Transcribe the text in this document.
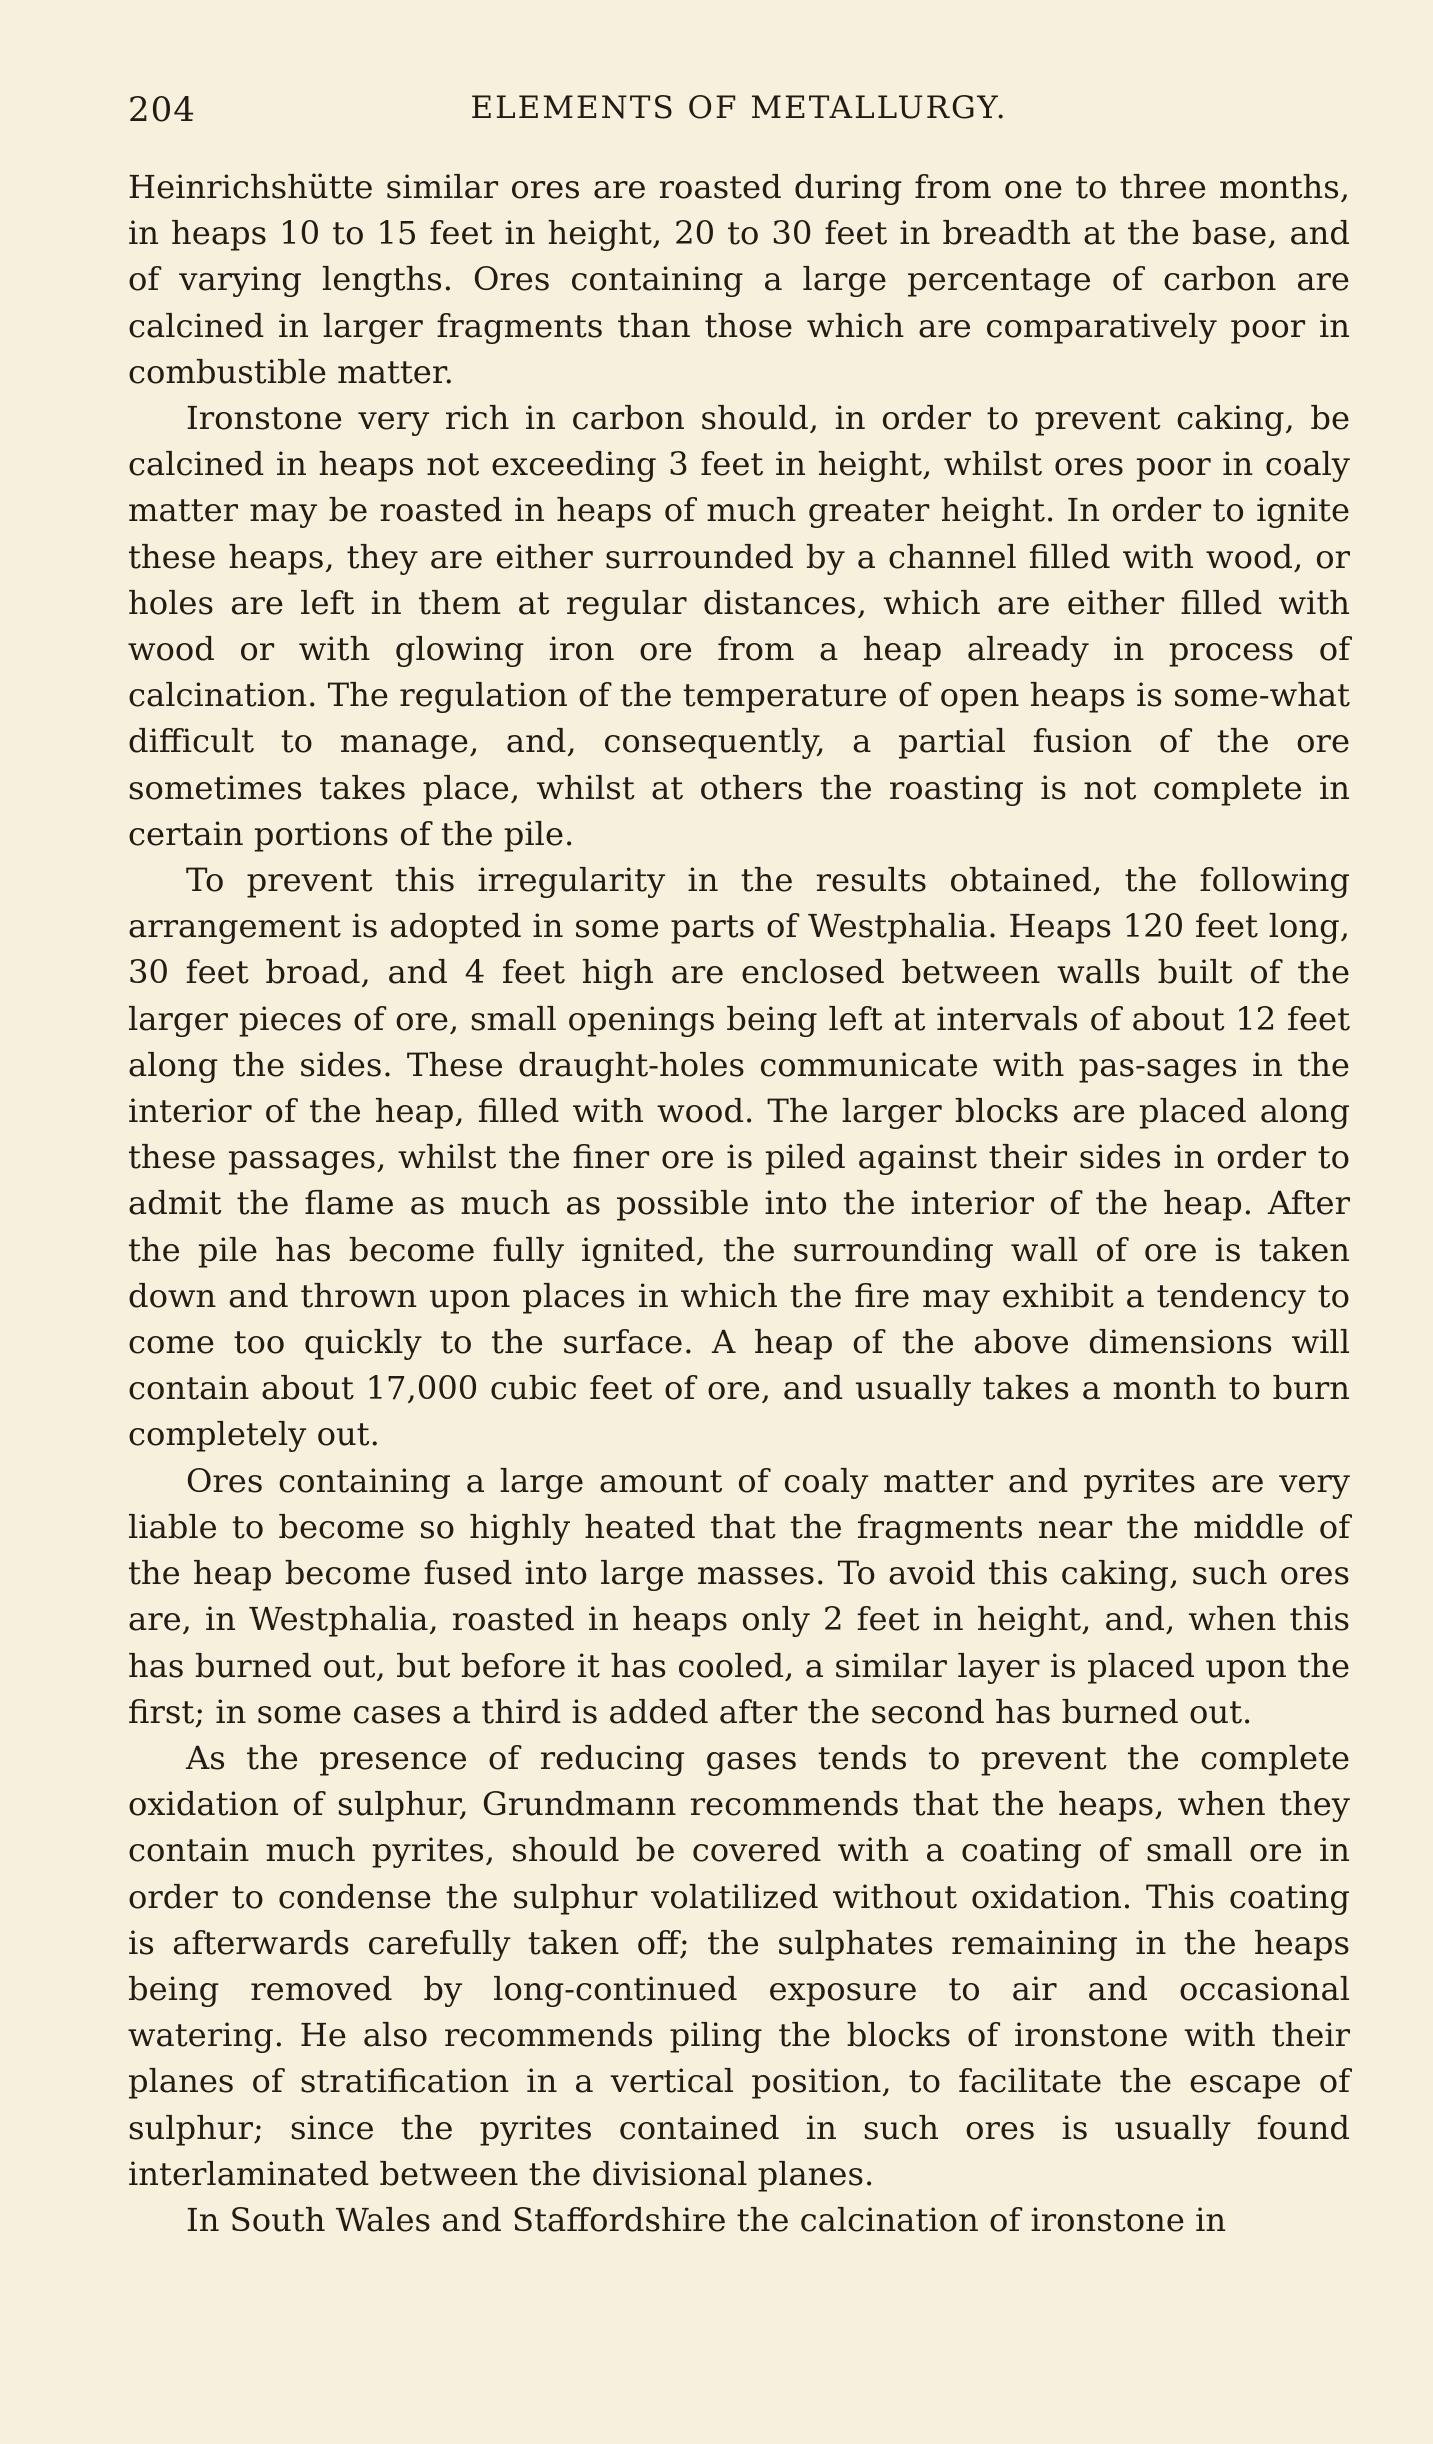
204	ELEMENTS OF METALLURGY.

Heinrichshütte similar ores are roasted during from one to three months, in heaps 10 to 15 feet in height, 20 to 30 feet in breadth at the base, and of varying lengths. Ores containing a large percentage of carbon are calcined in larger fragments than those which are comparatively poor in combustible matter.

Ironstone very rich in carbon should, in order to prevent caking, be calcined in heaps not exceeding 3 feet in height, whilst ores poor in coaly matter may be roasted in heaps of much greater height. In order to ignite these heaps, they are either surrounded by a channel filled with wood, or holes are left in them at regular distances, which are either filled with wood or with glowing iron ore from a heap already in process of calcination. The regulation of the temperature of open heaps is some-what difficult to manage, and, consequently, a partial fusion of the ore sometimes takes place, whilst at others the roasting is not complete in certain portions of the pile.

To prevent this irregularity in the results obtained, the following arrangement is adopted in some parts of Westphalia. Heaps 120 feet long, 30 feet broad, and 4 feet high are enclosed between walls built of the larger pieces of ore, small openings being left at intervals of about 12 feet along the sides. These draught-holes communicate with pas-sages in the interior of the heap, filled with wood. The larger blocks are placed along these passages, whilst the finer ore is piled against their sides in order to admit the flame as much as possible into the interior of the heap. After the pile has become fully ignited, the surrounding wall of ore is taken down and thrown upon places in which the fire may exhibit a tendency to come too quickly to the surface. A heap of the above dimensions will contain about 17,000 cubic feet of ore, and usually takes a month to burn completely out.

Ores containing a large amount of coaly matter and pyrites are very liable to become so highly heated that the fragments near the middle of the heap become fused into large masses. To avoid this caking, such ores are, in Westphalia, roasted in heaps only 2 feet in height, and, when this has burned out, but before it has cooled, a similar layer is placed upon the first; in some cases a third is added after the second has burned out.

As the presence of reducing gases tends to prevent the complete oxidation of sulphur, Grundmann recommends that the heaps, when they contain much pyrites, should be covered with a coating of small ore in order to condense the sulphur volatilized without oxidation. This coating is afterwards carefully taken off; the sulphates remaining in the heaps being removed by long-continued exposure to air and occasional watering. He also recommends piling the blocks of ironstone with their planes of stratification in a vertical position, to facilitate the escape of sulphur; since the pyrites contained in such ores is usually found interlaminated between the divisional planes.

In South Wales and Staffordshire the calcination of ironstone in
